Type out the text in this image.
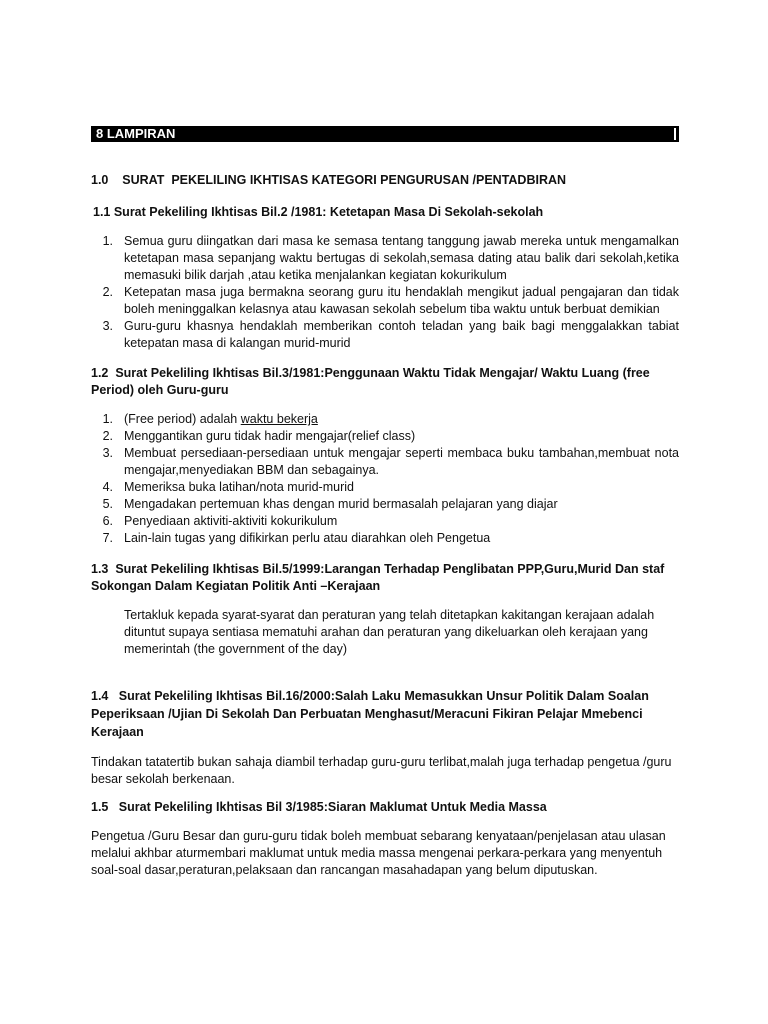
8 LAMPIRAN
1.0    SURAT  PEKELILING IKHTISAS KATEGORI PENGURUSAN /PENTADBIRAN
1.1 Surat Pekeliling Ikhtisas Bil.2 /1981: Ketetapan Masa Di Sekolah-sekolah
1. Semua guru diingatkan dari masa ke semasa tentang tanggung jawab mereka untuk mengamalkan ketetapan masa sepanjang waktu bertugas di sekolah,semasa dating atau balik dari sekolah,ketika memasuki bilik darjah ,atau ketika menjalankan kegiatan kokurikulum
2. Ketepatan masa juga bermakna seorang guru itu hendaklah mengikut jadual pengajaran dan tidak boleh meninggalkan kelasnya atau kawasan sekolah sebelum tiba waktu untuk berbuat demikian
3. Guru-guru khasnya hendaklah memberikan contoh teladan yang baik bagi menggalakkan tabiat ketepatan masa di kalangan murid-murid
1.2  Surat Pekeliling Ikhtisas Bil.3/1981:Penggunaan Waktu Tidak Mengajar/ Waktu Luang (free
Period) oleh Guru-guru
1. (Free period) adalah waktu bekerja
2. Menggantikan guru tidak hadir mengajar(relief class)
3. Membuat persediaan-persediaan untuk mengajar seperti membaca buku tambahan,membuat nota mengajar,menyediakan BBM dan sebagainya.
4. Memeriksa buka latihan/nota murid-murid
5. Mengadakan pertemuan khas dengan murid bermasalah pelajaran yang diajar
6. Penyediaan aktiviti-aktiviti kokurikulum
7. Lain-lain tugas yang difikirkan perlu atau diarahkan oleh Pengetua
1.3  Surat Pekeliling Ikhtisas Bil.5/1999:Larangan Terhadap Penglibatan PPP,Guru,Murid Dan staf
Sokongan Dalam Kegiatan Politik Anti –Kerajaan
Tertakluk kepada syarat-syarat dan peraturan yang telah ditetapkan kakitangan kerajaan adalah dituntut supaya sentiasa mematuhi arahan dan peraturan yang dikeluarkan oleh kerajaan yang memerintah (the government of the day)
1.4   Surat Pekeliling Ikhtisas Bil.16/2000:Salah Laku Memasukkan Unsur Politik Dalam Soalan
Peperiksaan /Ujian Di Sekolah Dan Perbuatan Menghasut/Meracuni Fikiran Pelajar Mmebenci
Kerajaan
Tindakan tatatertib bukan sahaja diambil terhadap guru-guru terlibat,malah juga terhadap pengetua /guru besar sekolah berkenaan.
1.5   Surat Pekeliling Ikhtisas Bil 3/1985:Siaran Maklumat Untuk Media Massa
Pengetua /Guru Besar dan guru-guru tidak boleh membuat sebarang kenyataan/penjelasan atau ulasan melalui akhbar aturmembari maklumat untuk media massa mengenai perkara-perkara yang menyentuh soal-soal dasar,peraturan,pelaksaan dan rancangan masahadapan yang belum diputuskan.
